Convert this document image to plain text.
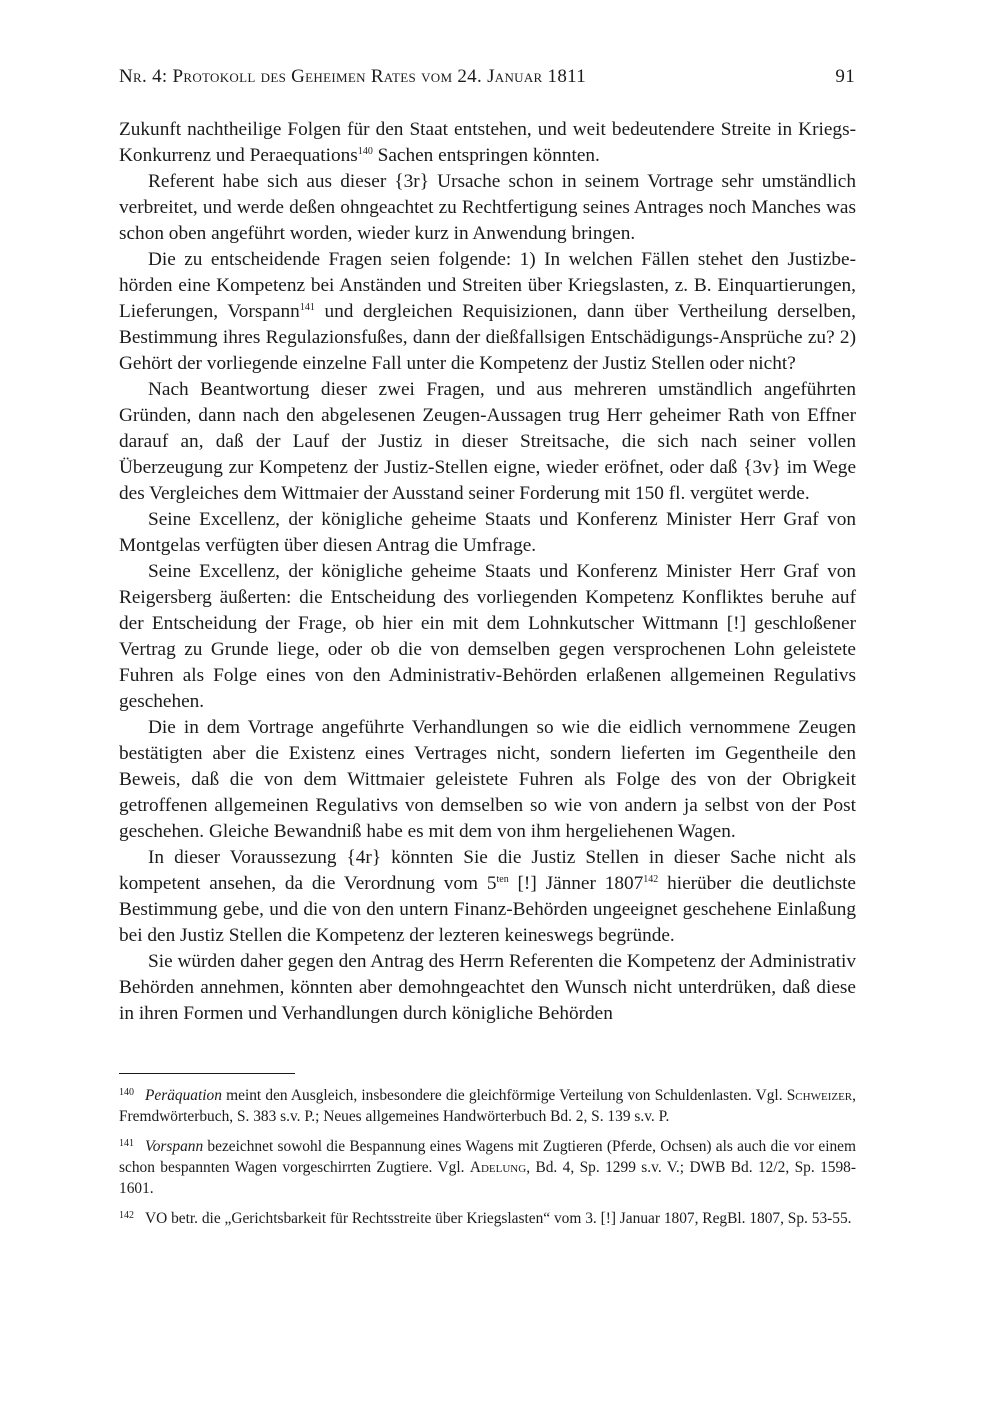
Nr. 4: Protokoll des Geheimen Rates vom 24. Januar 1811	91

Zukunft nachtheilige Folgen für den Staat entstehen, und weit bedeutendere Streite in Kriegs-Konkurrenz und Peraequations$^{140}$ Sachen entspringen könnten.

Referent habe sich aus dieser {3r} Ursache schon in seinem Vortrage sehr umständlich verbreitet, und werde deßen ohngeachtet zu Rechtfertigung seines Antrages noch Manches was schon oben angeführt worden, wieder kurz in Anwendung bringen.

Die zu entscheidende Fragen seien folgende: 1) In welchen Fällen stehet den Justizbehörden eine Kompetenz bei Anständen und Streiten über Kriegslasten, z. B. Einquartierungen, Lieferungen, Vorspann$^{141}$ und dergleichen Requisizionen, dann über Vertheilung derselben, Bestimmung ihres Regulazionsfußes, dann der dießfallsigen Entschädigungs-Ansprüche zu? 2) Gehört der vorliegende einzelne Fall unter die Kompetenz der Justiz Stellen oder nicht?

Nach Beantwortung dieser zwei Fragen, und aus mehreren umständlich angeführten Gründen, dann nach den abgelesenen Zeugen-Aussagen trug Herr geheimer Rath von Effner darauf an, daß der Lauf der Justiz in dieser Streitsache, die sich nach seiner vollen Überzeugung zur Kompetenz der Justiz-Stellen eigne, wieder eröfnet, oder daß {3v} im Wege des Vergleiches dem Wittmaier der Ausstand seiner Forderung mit 150 fl. vergütet werde.

Seine Excellenz, der königliche geheime Staats und Konferenz Minister Herr Graf von Montgelas verfügten über diesen Antrag die Umfrage.

Seine Excellenz, der königliche geheime Staats und Konferenz Minister Herr Graf von Reigersberg äußerten: die Entscheidung des vorliegenden Kompetenz Konfliktes beruhe auf der Entscheidung der Frage, ob hier ein mit dem Lohnkutscher Wittmann [!] geschloßener Vertrag zu Grunde liege, oder ob die von demselben gegen versprochenen Lohn geleistete Fuhren als Folge eines von den Administrativ-Behörden erlaßenen allgemeinen Regulativs geschehen.

Die in dem Vortrage angeführte Verhandlungen so wie die eidlich vernommene Zeugen bestätigten aber die Existenz eines Vertrages nicht, sondern lieferten im Gegentheile den Beweis, daß die von dem Wittmaier geleistete Fuhren als Folge des von der Obrigkeit getroffenen allgemeinen Regulativs von demselben so wie von andern ja selbst von der Post geschehen. Gleiche Bewandniß habe es mit dem von ihm hergeliehenen Wagen.

In dieser Voraussezung {4r} könnten Sie die Justiz Stellen in dieser Sache nicht als kompetent ansehen, da die Verordnung vom $5^{ten}$ [!] Jänner 1807$^{142}$ hierüber die deutlichste Bestimmung gebe, und die von den untern Finanz-Behörden ungeeignet geschehene Einlaßung bei den Justiz Stellen die Kompetenz der lezteren keineswegs begründe.

Sie würden daher gegen den Antrag des Herrn Referenten die Kompetenz der Administrativ Behörden annehmen, könnten aber demohngeachtet den Wunsch nicht unterdrüken, daß diese in ihren Formen und Verhandlungen durch königliche Behörden

140 Peräquation meint den Ausgleich, insbesondere die gleichförmige Verteilung von Schuldenlasten. Vgl. Schweizer, Fremdwörterbuch, S. 383 s.v. P.; Neues allgemeines Handwörterbuch Bd. 2, S. 139 s.v. P.

141 Vorspann bezeichnet sowohl die Bespannung eines Wagens mit Zugtieren (Pferde, Ochsen) als auch die vor einem schon bespannten Wagen vorgeschirrten Zugtiere. Vgl. Adelung, Bd. 4, Sp. 1299 s.v. V.; DWB Bd. 12/2, Sp. 1598-1601.

142 VO betr. die „Gerichtsbarkeit für Rechtsstreite über Kriegslasten“ vom 3. [!] Januar 1807, RegBl. 1807, Sp. 53-55.
